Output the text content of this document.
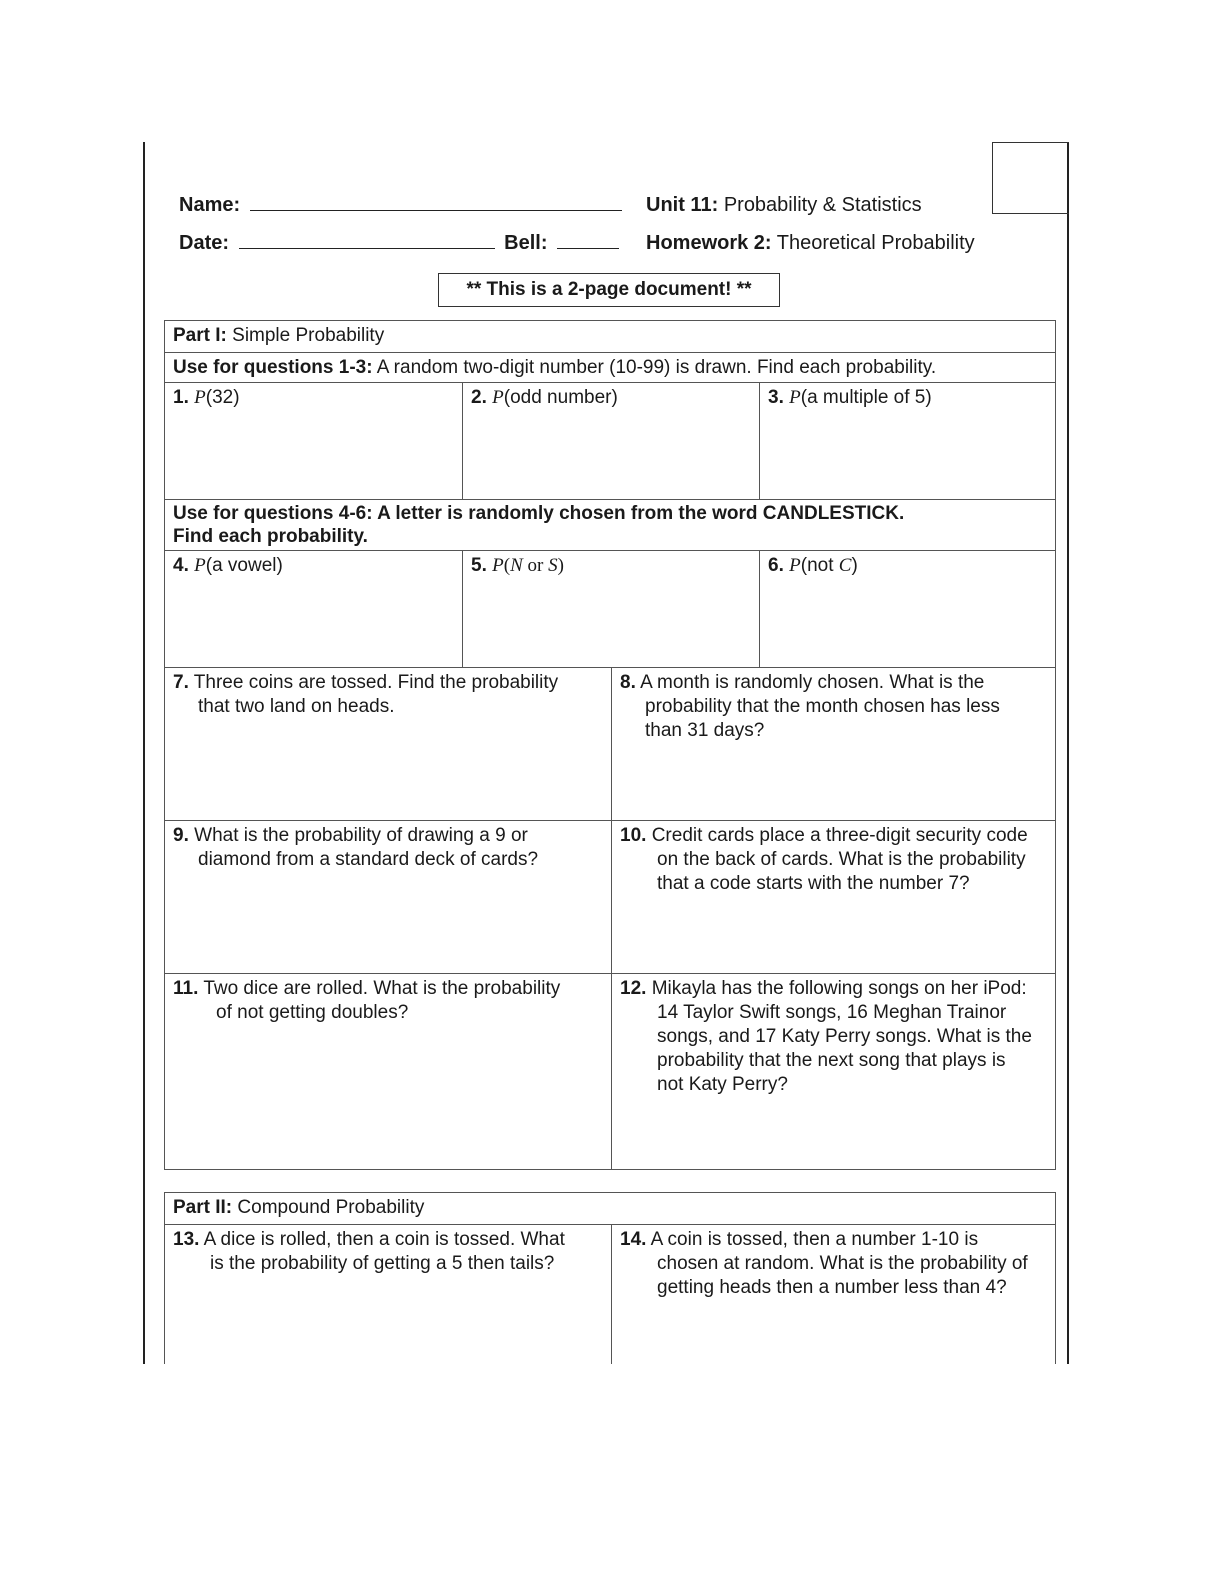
Name:
Date:	Bell:
Unit 11: Probability & Statistics
Homework 2: Theoretical Probability
** This is a 2-page document! **
Part I: Simple Probability
Use for questions 1-3: A random two-digit number (10-99) is drawn. Find each probability.
1. P(32)	2. P(odd number)	3. P(a multiple of 5)
Use for questions 4-6: A letter is randomly chosen from the word CANDLESTICK.
Find each probability.
4. P(a vowel)	5. P(N or S)	6. P(not C)
7. Three coins are tossed. Find the probability
that two land on heads.
8. A month is randomly chosen. What is the
probability that the month chosen has less
than 31 days?
9. What is the probability of drawing a 9 or
diamond from a standard deck of cards?
10. Credit cards place a three-digit security code
on the back of cards. What is the probability
that a code starts with the number 7?
11. Two dice are rolled. What is the probability
of not getting doubles?
12. Mikayla has the following songs on her iPod:
14 Taylor Swift songs, 16 Meghan Trainor
songs, and 17 Katy Perry songs. What is the
probability that the next song that plays is
not Katy Perry?
Part II: Compound Probability
13. A dice is rolled, then a coin is tossed. What
is the probability of getting a 5 then tails?
14. A coin is tossed, then a number 1-10 is
chosen at random. What is the probability of
getting heads then a number less than 4?
